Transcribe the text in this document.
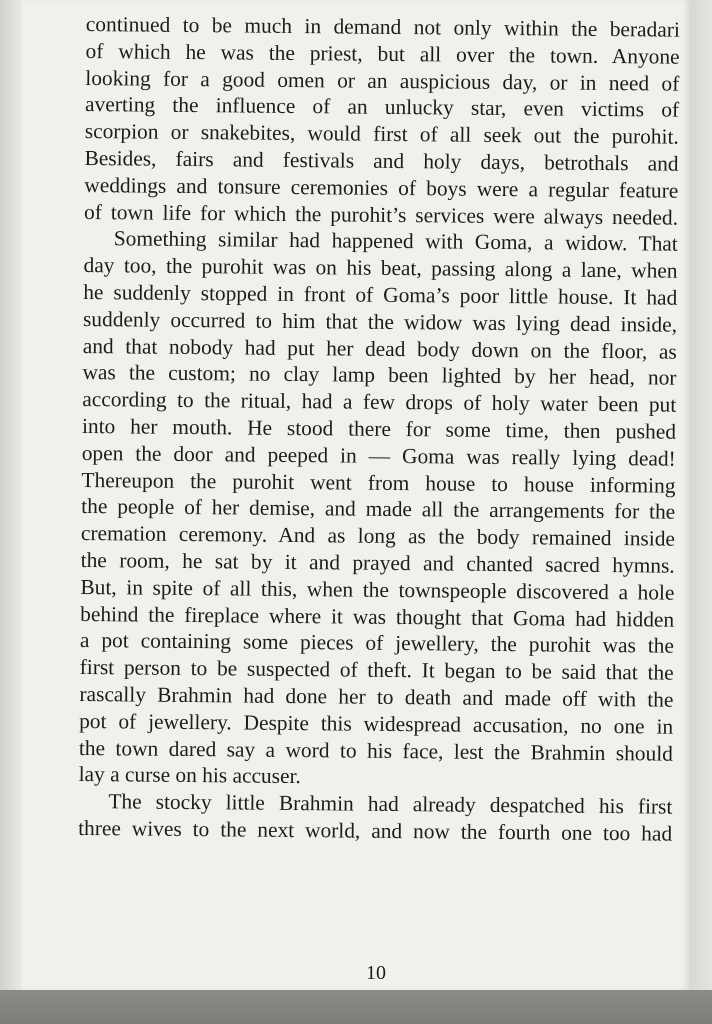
continued to be much in demand not only within the beradari
of which he was the priest, but all over the town. Anyone
looking for a good omen or an auspicious day, or in need of
averting the influence of an unlucky star, even victims of
scorpion or snakebites, would first of all seek out the purohit.
Besides, fairs and festivals and holy days, betrothals and
weddings and tonsure ceremonies of boys were a regular feature
of town life for which the purohit’s services were always needed.
Something similar had happened with Goma, a widow. That
day too, the purohit was on his beat, passing along a lane, when
he suddenly stopped in front of Goma’s poor little house. It had
suddenly occurred to him that the widow was lying dead inside,
and that nobody had put her dead body down on the floor, as
was the custom; no clay lamp been lighted by her head, nor
according to the ritual, had a few drops of holy water been put
into her mouth. He stood there for some time, then pushed
open the door and peeped in — Goma was really lying dead!
Thereupon the purohit went from house to house informing
the people of her demise, and made all the arrangements for the
cremation ceremony. And as long as the body remained inside
the room, he sat by it and prayed and chanted sacred hymns.
But, in spite of all this, when the townspeople discovered a hole
behind the fireplace where it was thought that Goma had hidden
a pot containing some pieces of jewellery, the purohit was the
first person to be suspected of theft. It began to be said that the
rascally Brahmin had done her to death and made off with the
pot of jewellery. Despite this widespread accusation, no one in
the town dared say a word to his face, lest the Brahmin should
lay a curse on his accuser.
The stocky little Brahmin had already despatched his first
three wives to the next world, and now the fourth one too had
10
